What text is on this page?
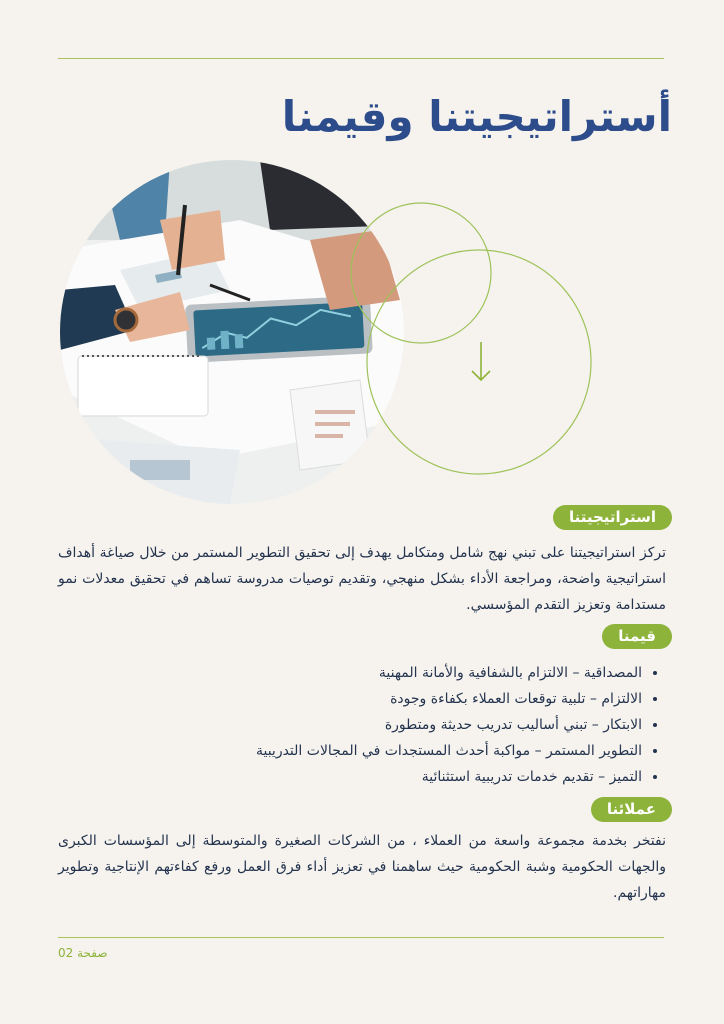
أستراتيجيتنا وقيمنا
استراتيجيتنا

تركز استراتيجيتنا على تبني نهج شامل ومتكامل يهدف إلى تحقيق التطوير المستمر من خلال صياغة أهداف استراتيجية واضحة، ومراجعة الأداء بشكل منهجي، وتقديم توصيات مدروسة تساهم في تحقيق معدلات نمو مستدامة وتعزيز التقدم المؤسسي.

قيمنا
• المصداقية – الالتزام بالشفافية والأمانة المهنية
• الالتزام – تلبية توقعات العملاء بكفاءة وجودة
• الابتكار – تبني أساليب تدريب حديثة ومتطورة
• التطوير المستمر – مواكبة أحدث المستجدات في المجالات التدريبية
• التميز – تقديم خدمات تدريبية استثنائية
عملائنا

نفتخر بخدمة مجموعة واسعة من العملاء ، من الشركات الصغيرة والمتوسطة إلى المؤسسات الكبرى والجهات الحكومية وشبة الحكومية حيث ساهمنا في تعزيز أداء فرق العمل ورفع كفاءتهم الإنتاجية وتطوير مهاراتهم.

صفحة 02
